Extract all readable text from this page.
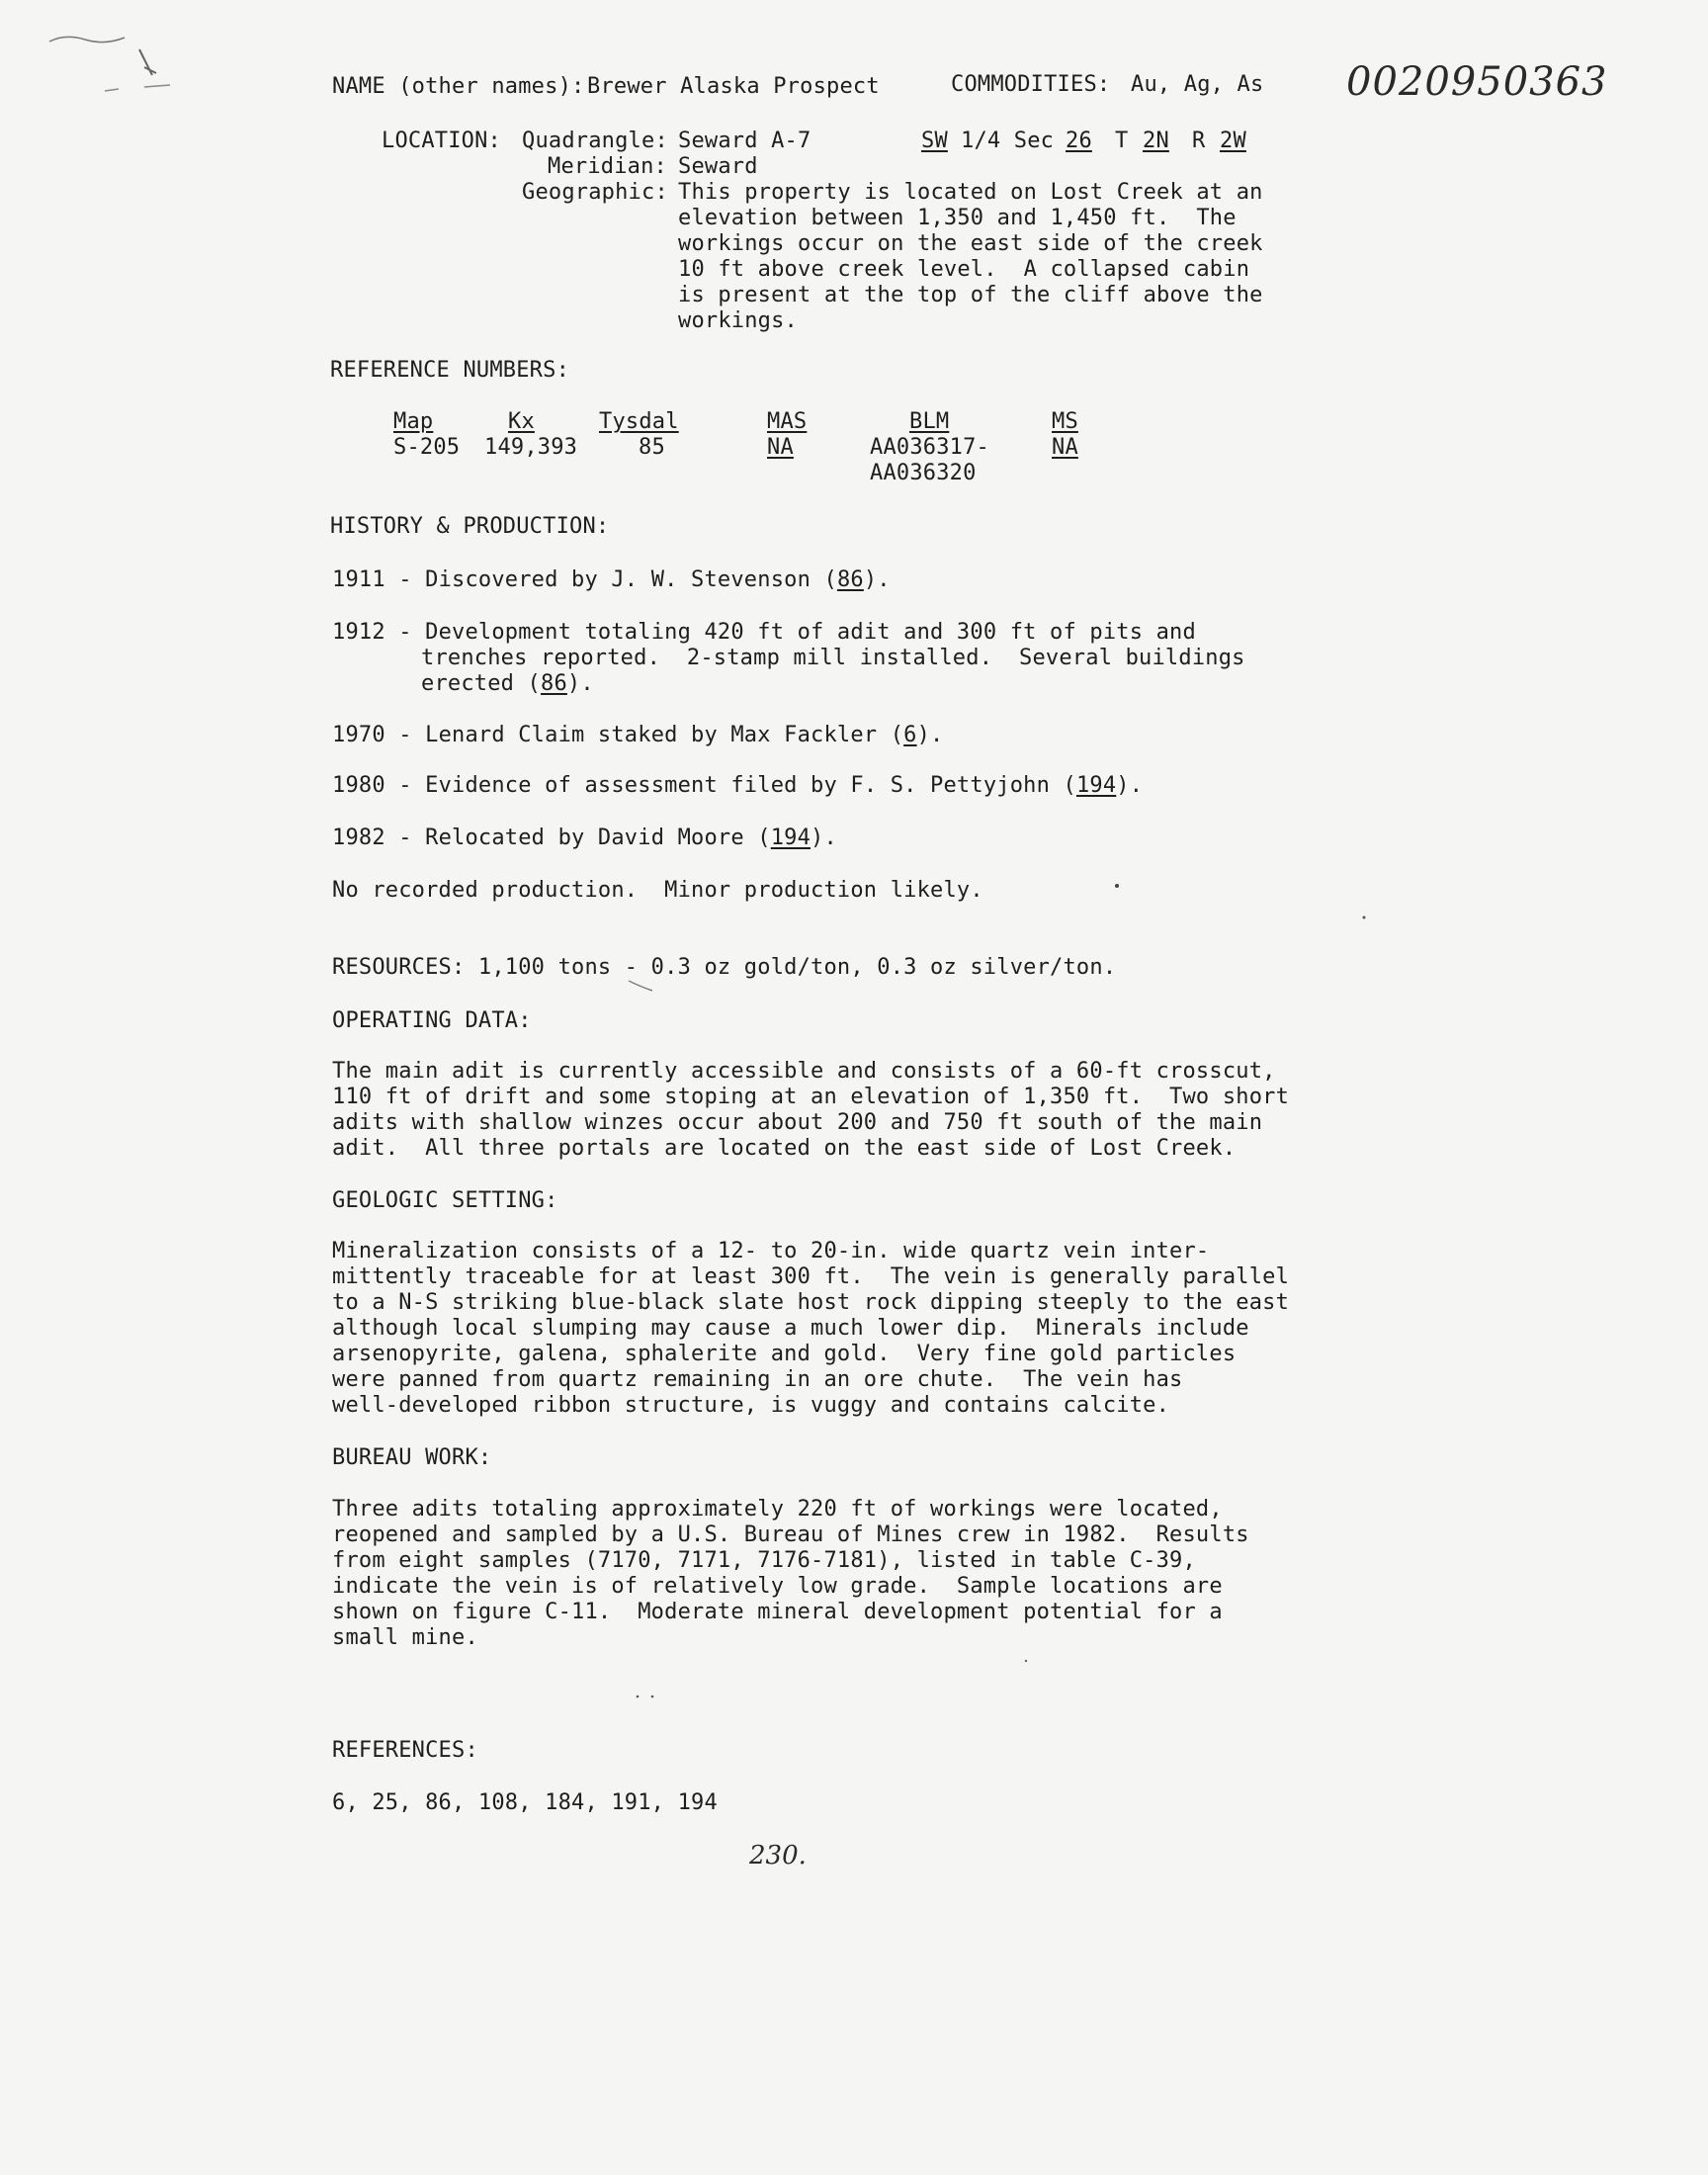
0020950363
NAME (other names): Brewer Alaska Prospect	COMMODITIES: Au, Ag, As
LOCATION: Quadrangle: Seward A-7	SW 1/4 Sec 26 T 2N R 2W
Meridian: Seward
Geographic: This property is located on Lost Creek at an
elevation between 1,350 and 1,450 ft.  The
workings occur on the east side of the creek
10 ft above creek level.  A collapsed cabin
is present at the top of the cliff above the
workings.
REFERENCE NUMBERS:
Map
S-205
Kx
149,393
Tysdal
85
MAS
NA
BLM
AA036317-
AA036320
MS
NA
HISTORY & PRODUCTION:
1911 - Discovered by J. W. Stevenson (86).
1912 - Development totaling 420 ft of adit and 300 ft of pits and
trenches reported.  2-stamp mill installed.  Several buildings
erected (86).
1970 - Lenard Claim staked by Max Fackler (6).
1980 - Evidence of assessment filed by F. S. Pettyjohn (194).
1982 - Relocated by David Moore (194).
No recorded production.  Minor production likely.
RESOURCES: 1,100 tons - 0.3 oz gold/ton, 0.3 oz silver/ton.
OPERATING DATA:
The main adit is currently accessible and consists of a 60-ft crosscut,
110 ft of drift and some stoping at an elevation of 1,350 ft.  Two short
adits with shallow winzes occur about 200 and 750 ft south of the main
adit.  All three portals are located on the east side of Lost Creek.
GEOLOGIC SETTING:
Mineralization consists of a 12- to 20-in. wide quartz vein inter-
mittently traceable for at least 300 ft.  The vein is generally parallel
to a N-S striking blue-black slate host rock dipping steeply to the east
although local slumping may cause a much lower dip.  Minerals include
arsenopyrite, galena, sphalerite and gold.  Very fine gold particles
were panned from quartz remaining in an ore chute.  The vein has
well-developed ribbon structure, is vuggy and contains calcite.
BUREAU WORK:
Three adits totaling approximately 220 ft of workings were located,
reopened and sampled by a U.S. Bureau of Mines crew in 1982.  Results
from eight samples (7170, 7171, 7176-7181), listed in table C-39,
indicate the vein is of relatively low grade.  Sample locations are
shown on figure C-11.  Moderate mineral development potential for a
small mine.
REFERENCES:
6, 25, 86, 108, 184, 191, 194
230.
